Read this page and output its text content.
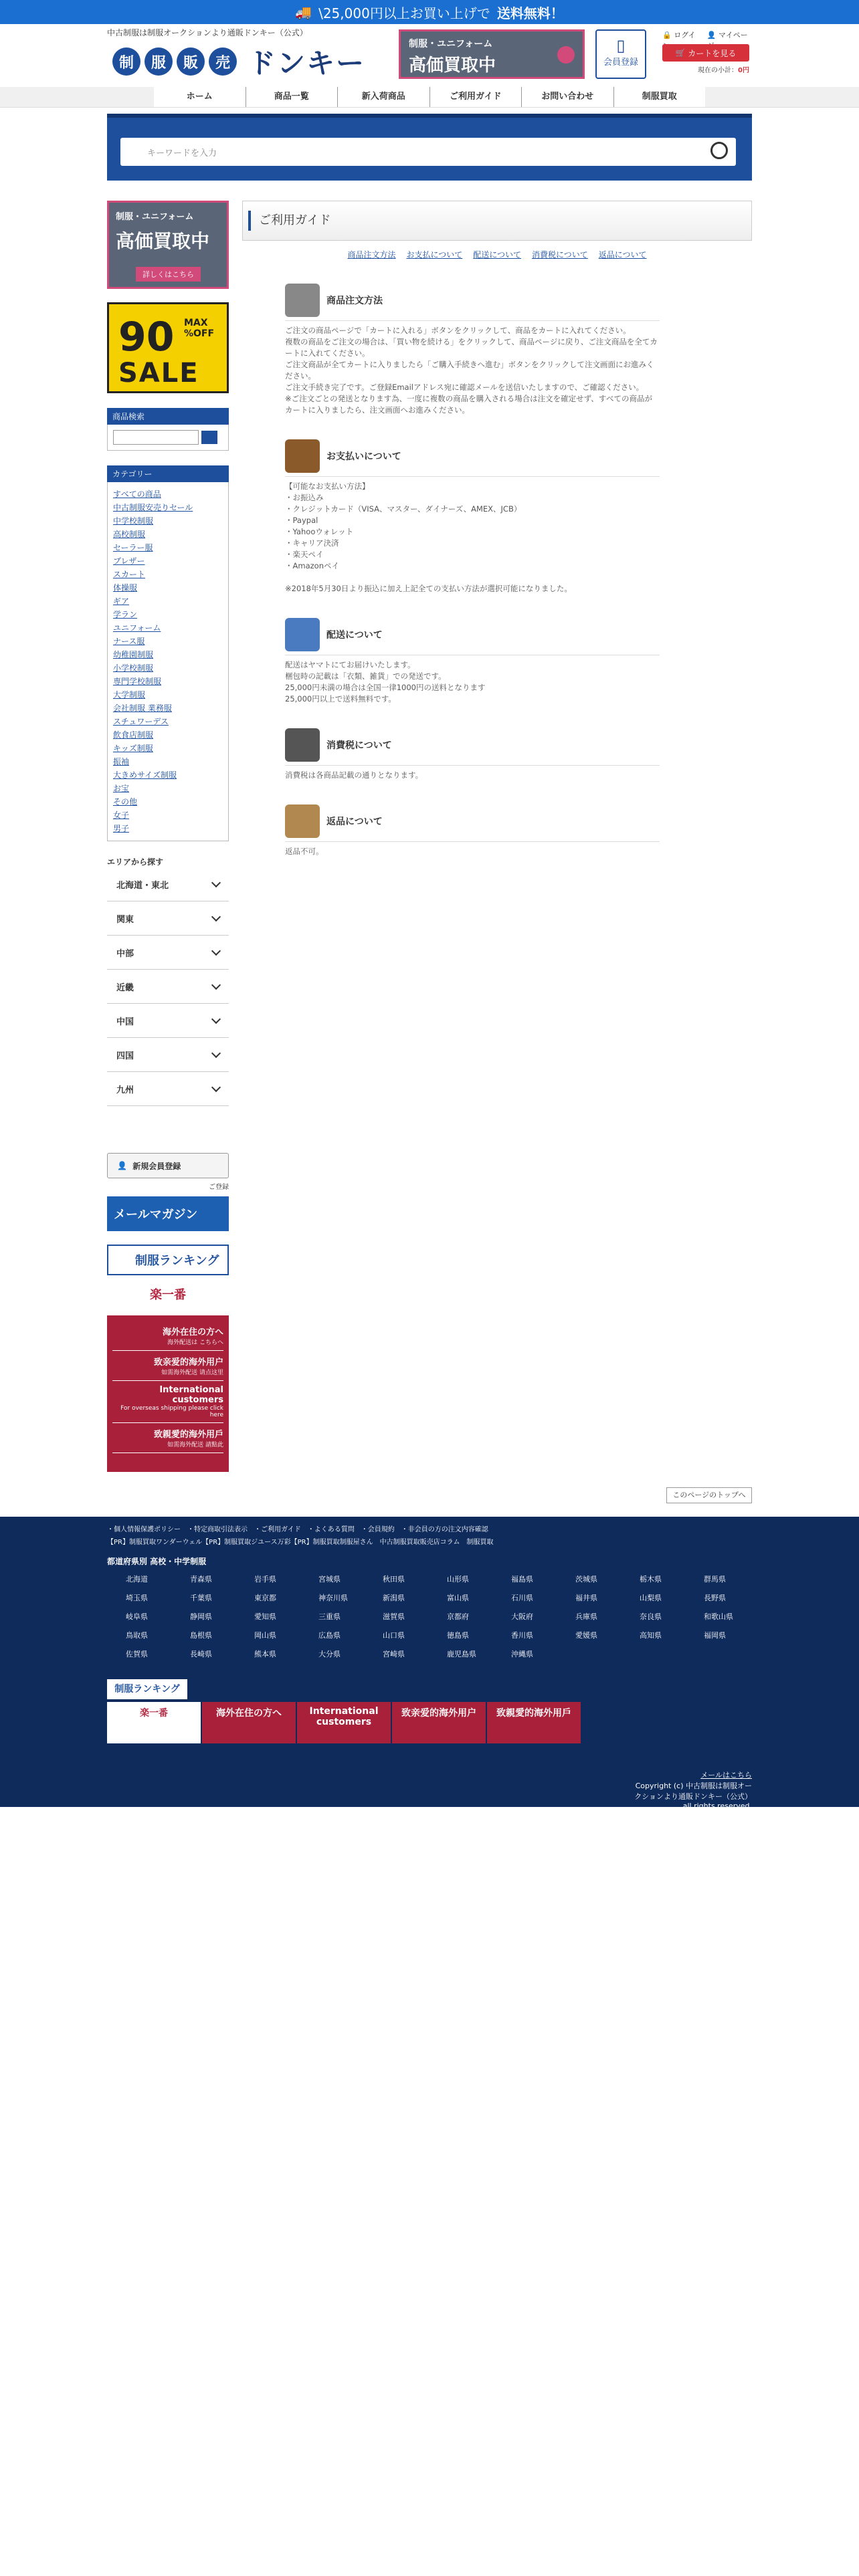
🚚 \25,000円以上お買い上げで 送料無料！
中古制服は制服オークションより通販ドンキー（公式）
制	服	販	売 ドンキー
制服・ユニフォーム
高価買取中
▯
会員登録
🔒 ログイ	👤 マイペー
🛒 カートを見る
現在の小計：0円
ホーム	商品一覧	新入荷商品	ご利用ガイド	お問い合わせ	制服買取
キーワードを入力
制服・ユニフォーム
高価買取中
詳しくはこちら
90 MAX %OFF
SALE
商品検索

カテゴリー
すべての商品
中古制服安売りセール
中学校制服
高校制服
セーラー服
ブレザー
スカート
体操服
ギア
学ラン
ユニフォーム
ナース服
幼稚園制服
小学校制服
専門学校制服
大学制服
会社制服 業務服
スチュワーデス
飲食店制服
キッズ制服
振袖
大きめサイズ制服
お宝
その他
女子
男子
エリアから探す
北海道・東北
関東
中部
近畿
中国
四国
九州
👤 新規会員登録
ご登録
メールマガジン
制服ランキング
楽一番
海外在住の方へ
海外配送は こちらへ
致亲爱的海外用户
如需海外配送 请点这里
International customers
For overseas shipping please click here
致親愛的海外用戶
如需海外配送 請點此
ご利用ガイド
商品注文方法 お支払について 配送について 消費税について 返品について
商品注文方法
ご注文の商品ページで「カートに入れる」ボタンをクリックして、商品をカートに入れてください。
複数の商品をご注文の場合は、「買い物を続ける」をクリックして、商品ページに戻り、ご注文商品を全てカートに入れてください。
ご注文商品が全てカートに入りましたら「ご購入手続きへ進む」ボタンをクリックして注文画面にお進みください。
ご注文手続き完了です。ご登録Emailアドレス宛に確認メールを送信いたしますので、ご確認ください。
※ご注文ごとの発送となります為、一度に複数の商品を購入される場合は注文を確定せず、すべての商品がカートに入りましたら、注文画面へお進みください。
お支払いについて
【可能なお支払い方法】
・お振込み
・クレジットカード（VISA、マスター、ダイナーズ、AMEX、JCB）
・Paypal
・Yahooウォレット
・キャリア決済
・楽天ペイ
・Amazonペイ

※2018年5月30日より振込に加え上記全ての支払い方法が選択可能になりました。
配送について
配送はヤマトにてお届けいたします。
梱包時の記載は「衣類、雑貨」での発送です。
25,000円未満の場合は全国一律1000円の送料となります
25,000円以上で送料無料です。
消費税について
消費税は各商品記載の通りとなります。
返品について
返品不可。
このページのトップへ
・個人情報保護ポリシー　・特定商取引法表示　・ご利用ガイド　・よくある質問　・会員規約　・非会員の方の注文内容確認
【PR】制服買取ワンダーウェル【PR】制服買取ジユース万彩【PR】制服買取制服屋さん　中古制服買取販売店コラム　制服買取
都道府県別 高校・中学制服
北海道	青森県	岩手県	宮城県	秋田県	山形県	福島県	茨城県	栃木県	群馬県
埼玉県	千葉県	東京都	神奈川県	新潟県	富山県	石川県	福井県	山梨県	長野県
岐阜県	静岡県	愛知県	三重県	滋賀県	京都府	大阪府	兵庫県	奈良県	和歌山県
鳥取県	島根県	岡山県	広島県	山口県	徳島県	香川県	愛媛県	高知県	福岡県
佐賀県	長崎県	熊本県	大分県	宮崎県	鹿児島県	沖縄県
制服ランキング
楽一番	海外在住の方へ	International customers
致亲爱的海外用户	致親愛的海外用戶
メールはこちら
Copyright (c) 中古制服は制服オークションより通販ドンキー（公式）all rights reserved.
